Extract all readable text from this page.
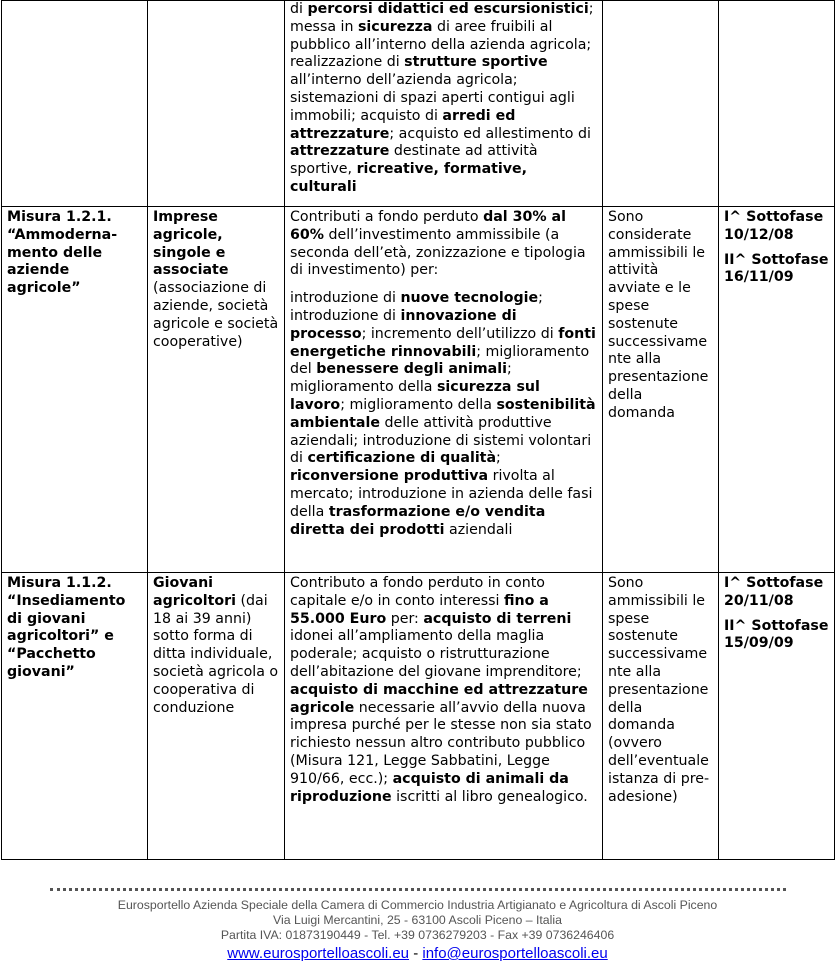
		di percorsi didattici ed escursionistici; messa in sicurezza di aree fruibili al pubblico all’interno della azienda agricola; realizzazione di strutture sportive all’interno dell’azienda agricola; sistemazioni di spazi aperti contigui agli immobili; acquisto di arredi ed attrezzature; acquisto ed allestimento di attrezzature destinate ad attività sportive, ricreative, formative, culturali		
Misura 1.2.1. “Ammoderna-mento delle aziende agricole”	Imprese agricole, singole e associate (associazione di aziende, società agricole e società cooperative)	Contributi a fondo perduto dal 30% al 60% dell’investimento ammissibile (a seconda dell’età, zonizzazione e tipologia di investimento) per:
introduzione di nuove tecnologie; introduzione di innovazione di processo; incremento dell’utilizzo di fonti energetiche rinnovabili; miglioramento del benessere degli animali; miglioramento della sicurezza sul lavoro; miglioramento della sostenibilità ambientale delle attività produttive aziendali; introduzione di sistemi volontari di certificazione di qualità; riconversione produttiva rivolta al mercato; introduzione in azienda delle fasi della trasformazione e/o vendita diretta dei prodotti aziendali	Sono considerate ammissibili le attività avviate e le spese sostenute successivame nte alla presentazione della domanda	I^ Sottofase 10/12/08
II^ Sottofase 16/11/09

Misura 1.1.2. “Insediamento di giovani agricoltori” e “Pacchetto giovani”	Giovani agricoltori (dai 18 ai 39 anni) sotto forma di ditta individuale, società agricola o cooperativa di conduzione	Contributo a fondo perduto in conto capitale e/o in conto interessi fino a 55.000 Euro per: acquisto di terreni idonei all’ampliamento della maglia poderale; acquisto o ristrutturazione dell’abitazione del giovane imprenditore; acquisto di macchine ed attrezzature agricole necessarie all’avvio della nuova impresa purché per le stesse non sia stato richiesto nessun altro contributo pubblico (Misura 121, Legge Sabbatini, Legge 910/66, ecc.); acquisto di animali da riproduzione iscritti al libro genealogico.	Sono ammissibili le spese sostenute successivame nte alla presentazione della domanda (ovvero dell’eventuale istanza di pre-adesione)	I^ Sottofase 20/11/08
II^ Sottofase 15/09/09
Eurosportello Azienda Speciale della Camera di Commercio Industria Artigianato e Agricoltura di Ascoli Piceno
Via Luigi Mercantini, 25 - 63100 Ascoli Piceno – Italia
Partita IVA: 01873190449 - Tel. +39 0736279203 - Fax +39 0736246406
www.eurosportelloascoli.eu - info@eurosportelloascoli.eu
